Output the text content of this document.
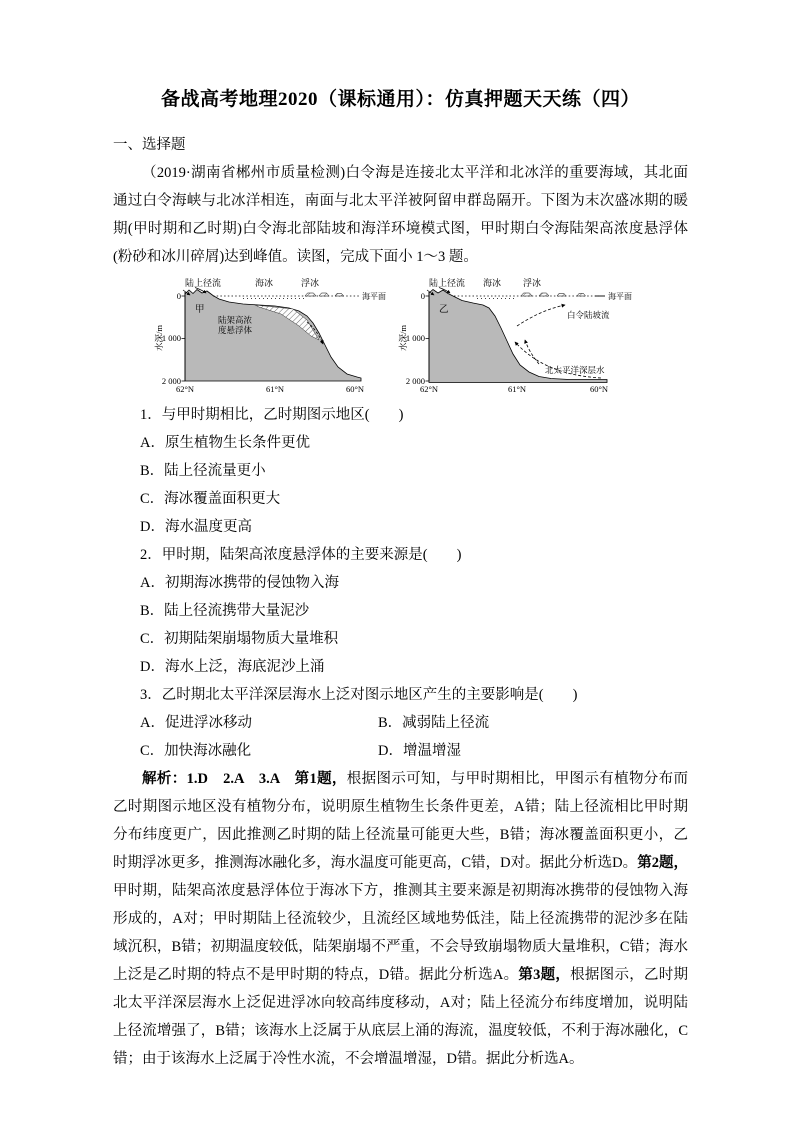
备战高考地理2020（课标通用）：仿真押题天天练（四）
一、选择题

（2019·湖南省郴州市质量检测)白令海是连接北太平洋和北冰洋的重要海域，其北面通过白令海峡与北冰洋相连，南面与北太平洋被阿留申群岛隔开。下图为末次盛冰期的暖期(甲时期和乙时期)白令海北部陆坡和海洋环境模式图，甲时期白令海陆架高浓度悬浮体(粉砂和冰川碎屑)达到峰值。读图，完成下面小 1～3 题。

0
1 000
2 000
水深/m
陆上径流	海冰	浮冰
海平面
甲
陆架高浓
度悬浮体
62°N	61°N	60°N
0
1 000
2 000
水深/m
陆上径流 海冰 浮冰
海平面
乙	白令陆坡流
北太平洋深层水
62°N	61°N	60°N
1．与甲时期相比，乙时期图示地区(　　)
A．原生植物生长条件更优
B．陆上径流量更小
C．海冰覆盖面积更大
D．海水温度更高
2．甲时期，陆架高浓度悬浮体的主要来源是(　　)
A．初期海冰携带的侵蚀物入海
B．陆上径流携带大量泥沙
C．初期陆架崩塌物质大量堆积
D．海水上泛，海底泥沙上涌
3．乙时期北太平洋深层海水上泛对图示地区产生的主要影响是(　　)
A．促进浮冰移动	B．减弱陆上径流
C．加快海冰融化	D．增温增湿

解析：1.D　2.A　3.A　第1题，根据图示可知，与甲时期相比，甲图示有植物分布而乙时期图示地区没有植物分布，说明原生植物生长条件更差，A错；陆上径流相比甲时期分布纬度更广，因此推测乙时期的陆上径流量可能更大些，B错；海冰覆盖面积更小，乙时期浮冰更多，推测海冰融化多，海水温度可能更高，C错，D对。据此分析选D。第2题，甲时期，陆架高浓度悬浮体位于海冰下方，推测其主要来源是初期海冰携带的侵蚀物入海形成的，A对；甲时期陆上径流较少，且流经区域地势低洼，陆上径流携带的泥沙多在陆域沉积，B错；初期温度较低，陆架崩塌不严重，不会导致崩塌物质大量堆积，C错；海水上泛是乙时期的特点不是甲时期的特点，D错。据此分析选A。第3题，根据图示，乙时期北太平洋深层海水上泛促进浮冰向较高纬度移动，A对；陆上径流分布纬度增加，说明陆上径流增强了，B错；该海水上泛属于从底层上涌的海流，温度较低，不利于海冰融化，C错；由于该海水上泛属于冷性水流，不会增温增湿，D错。据此分析选A。
